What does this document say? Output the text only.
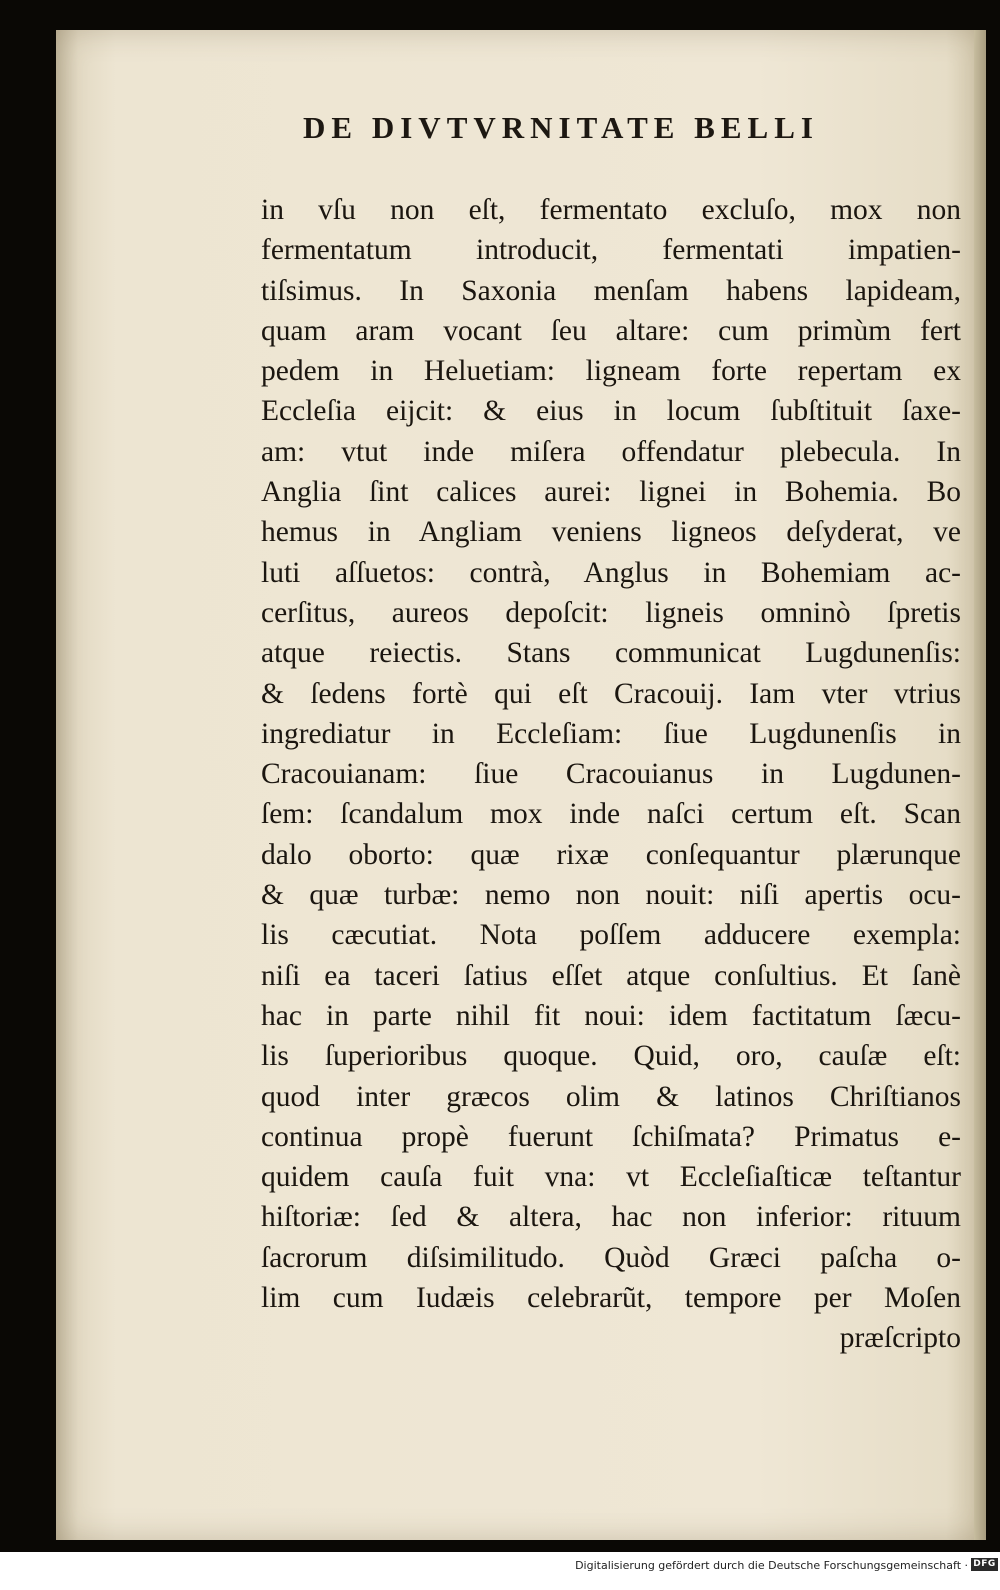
DE DIVTVRNITATE BELLI
in vſu non eſt, fermentato excluſo, mox non
fermentatum introducit, fermentati impatien-
tiſsimus. In Saxonia menſam habens lapideam,
quam aram vocant ſeu altare: cum primùm fert
pedem in Heluetiam: ligneam forte repertam ex
Eccleſia eijcit: & eius in locum ſubſtituit ſaxe-
am: vtut inde miſera offendatur plebecula. In
Anglia ſint calices aurei: lignei in Bohemia. Bo
hemus in Angliam veniens ligneos deſyderat, ve
luti aſſuetos: contrà, Anglus in Bohemiam ac-
cerſitus, aureos depoſcit: ligneis omninò ſpretis
atque reiectis. Stans communicat Lugdunenſis:
& ſedens fortè qui eſt Cracouij. Iam vter vtrius
ingrediatur in Eccleſiam: ſiue Lugdunenſis in
Cracouianam: ſiue Cracouianus in Lugdunen-
ſem: ſcandalum mox inde naſci certum eſt. Scan
dalo oborto: quæ rixæ conſequantur plærunque
& quæ turbæ: nemo non nouit: niſi apertis ocu-
lis cæcutiat. Nota poſſem adducere exempla:
niſi ea taceri ſatius eſſet atque conſultius. Et ſanè
hac in parte nihil fit noui: idem factitatum ſæcu-
lis ſuperioribus quoque. Quid, oro, cauſæ eſt:
quod inter græcos olim & latinos Chriſtianos
continua propè fuerunt ſchiſmata? Primatus e-
quidem cauſa fuit vna: vt Eccleſiaſticæ teſtantur
hiſtoriæ: ſed & altera, hac non inferior: rituum
ſacrorum diſsimilitudo. Quòd Græci paſcha o-
lim cum Iudæis celebrarũt, tempore per Moſen
præſcripto
Digitalisierung gefördert durch die Deutsche Forschungsgemeinschaft · DFG
